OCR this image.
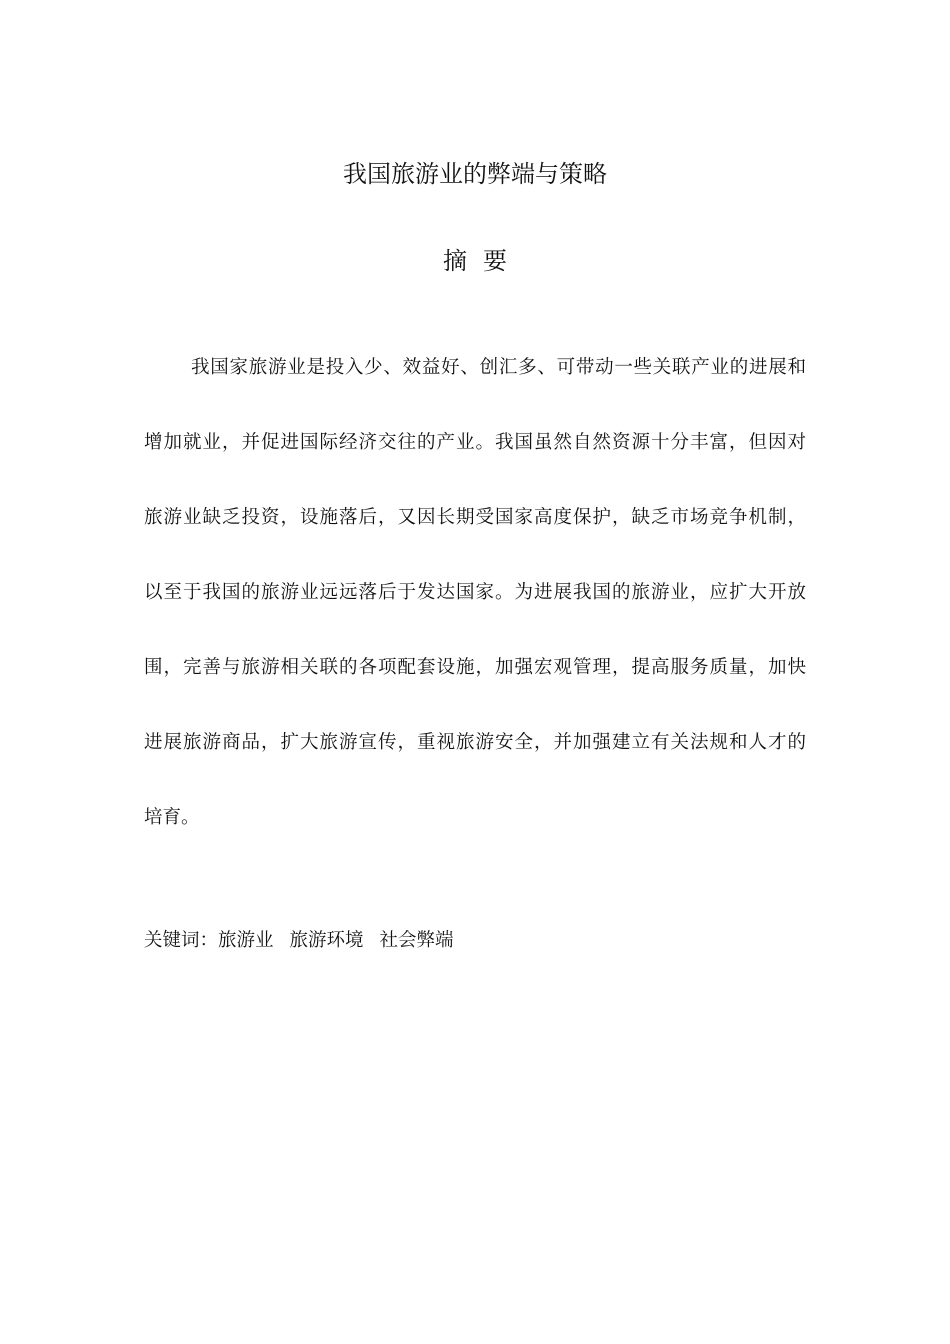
我国旅游业的弊端与策略
摘要
我国家旅游业是投入少、效益好、创汇多、可带动一些关联产业的进展和
增加就业，并促进国际经济交往的产业。我国虽然自然资源十分丰富，但因对
旅游业缺乏投资，设施落后，又因长期受国家高度保护，缺乏市场竞争机制，
以至于我国的旅游业远远落后于发达国家。为进展我国的旅游业，应扩大开放
围，完善与旅游相关联的各项配套设施，加强宏观管理，提高服务质量，加快
进展旅游商品，扩大旅游宣传，重视旅游安全，并加强建立有关法规和人才的
培育。
关键词：旅游业 旅游环境 社会弊端
